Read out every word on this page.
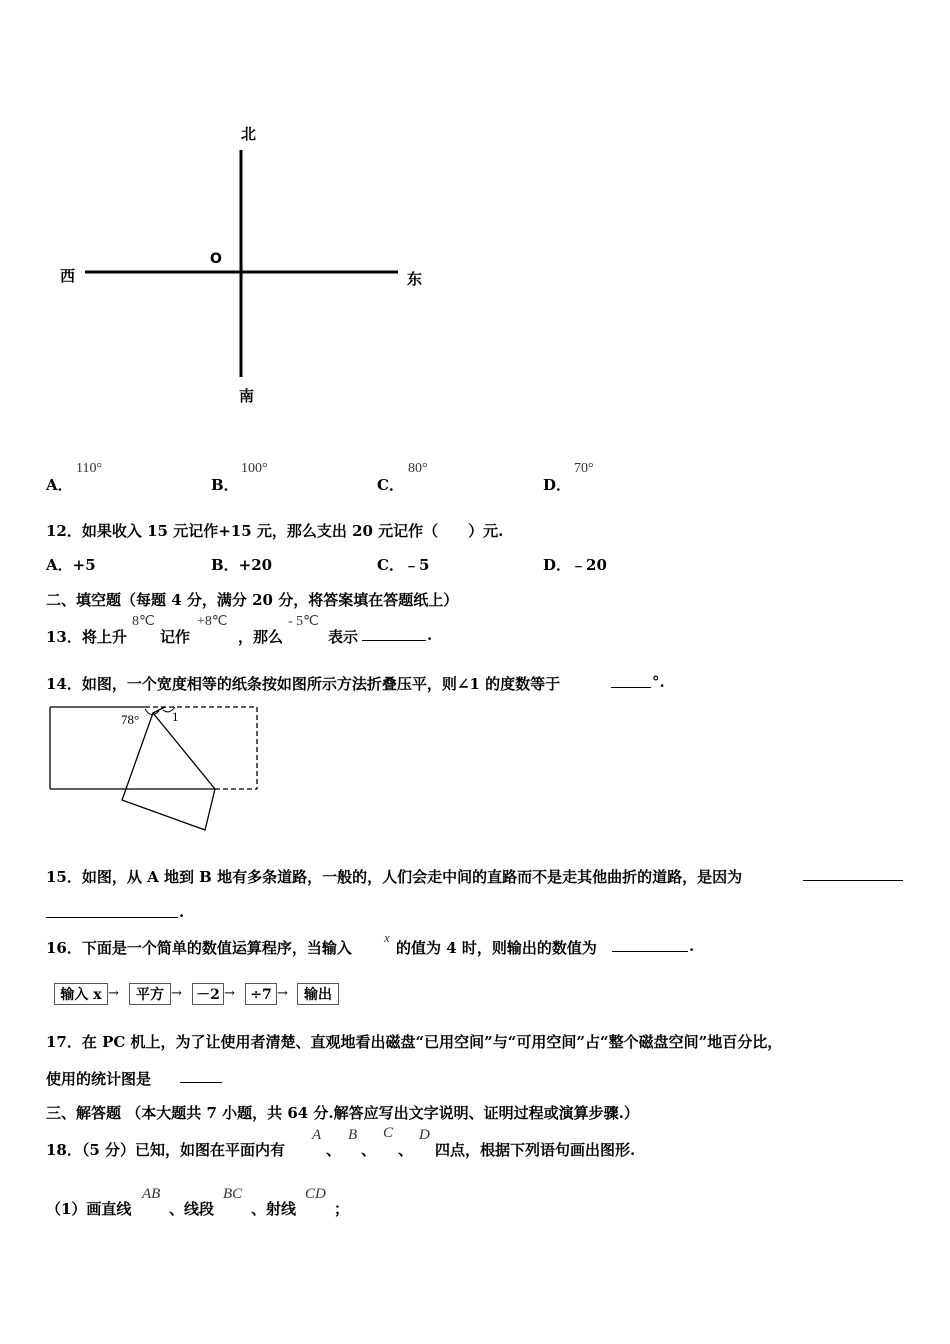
北
南
西	东
O
A．
110°
B．
100°
C．
80°
D．
70°
12．如果收入 15 元记作+15 元，那么支出 20 元记作（　　）元.
A．+5	B．+20	C．﹣5	D．﹣20
二、填空题（每题 4 分，满分 20 分，将答案填在答题纸上）
13．将上升
8℃
记作
+8℃
，那么
- 5℃
表示	.
14．如图，一个宽度相等的纸条按如图所示方法折叠压平，则∠1 的度数等于	°.
78°	1
15．如图，从 A 地到 B 地有多条道路，一般的，人们会走中间的直路而不是走其他曲折的道路，是因为
.
16．下面是一个简单的数值运算程序，当输入
x
的值为 4 时，则输出的数值为	.
输入 x →	平方 → －2 →	÷7 →	输出
17．在 PC 机上，为了让使用者清楚、直观地看出磁盘“已用空间”与“可用空间”占“整个磁盘空间”地百分比，
使用的统计图是
三、解答题 （本大题共 7 小题，共 64 分.解答应写出文字说明、证明过程或演算步骤.）
18．（5 分）已知，如图在平面内有
A
、
B
、
C
、
D
四点，根据下列语句画出图形.
（1）画直线
AB
、线段
BC
、射线
CD
；
